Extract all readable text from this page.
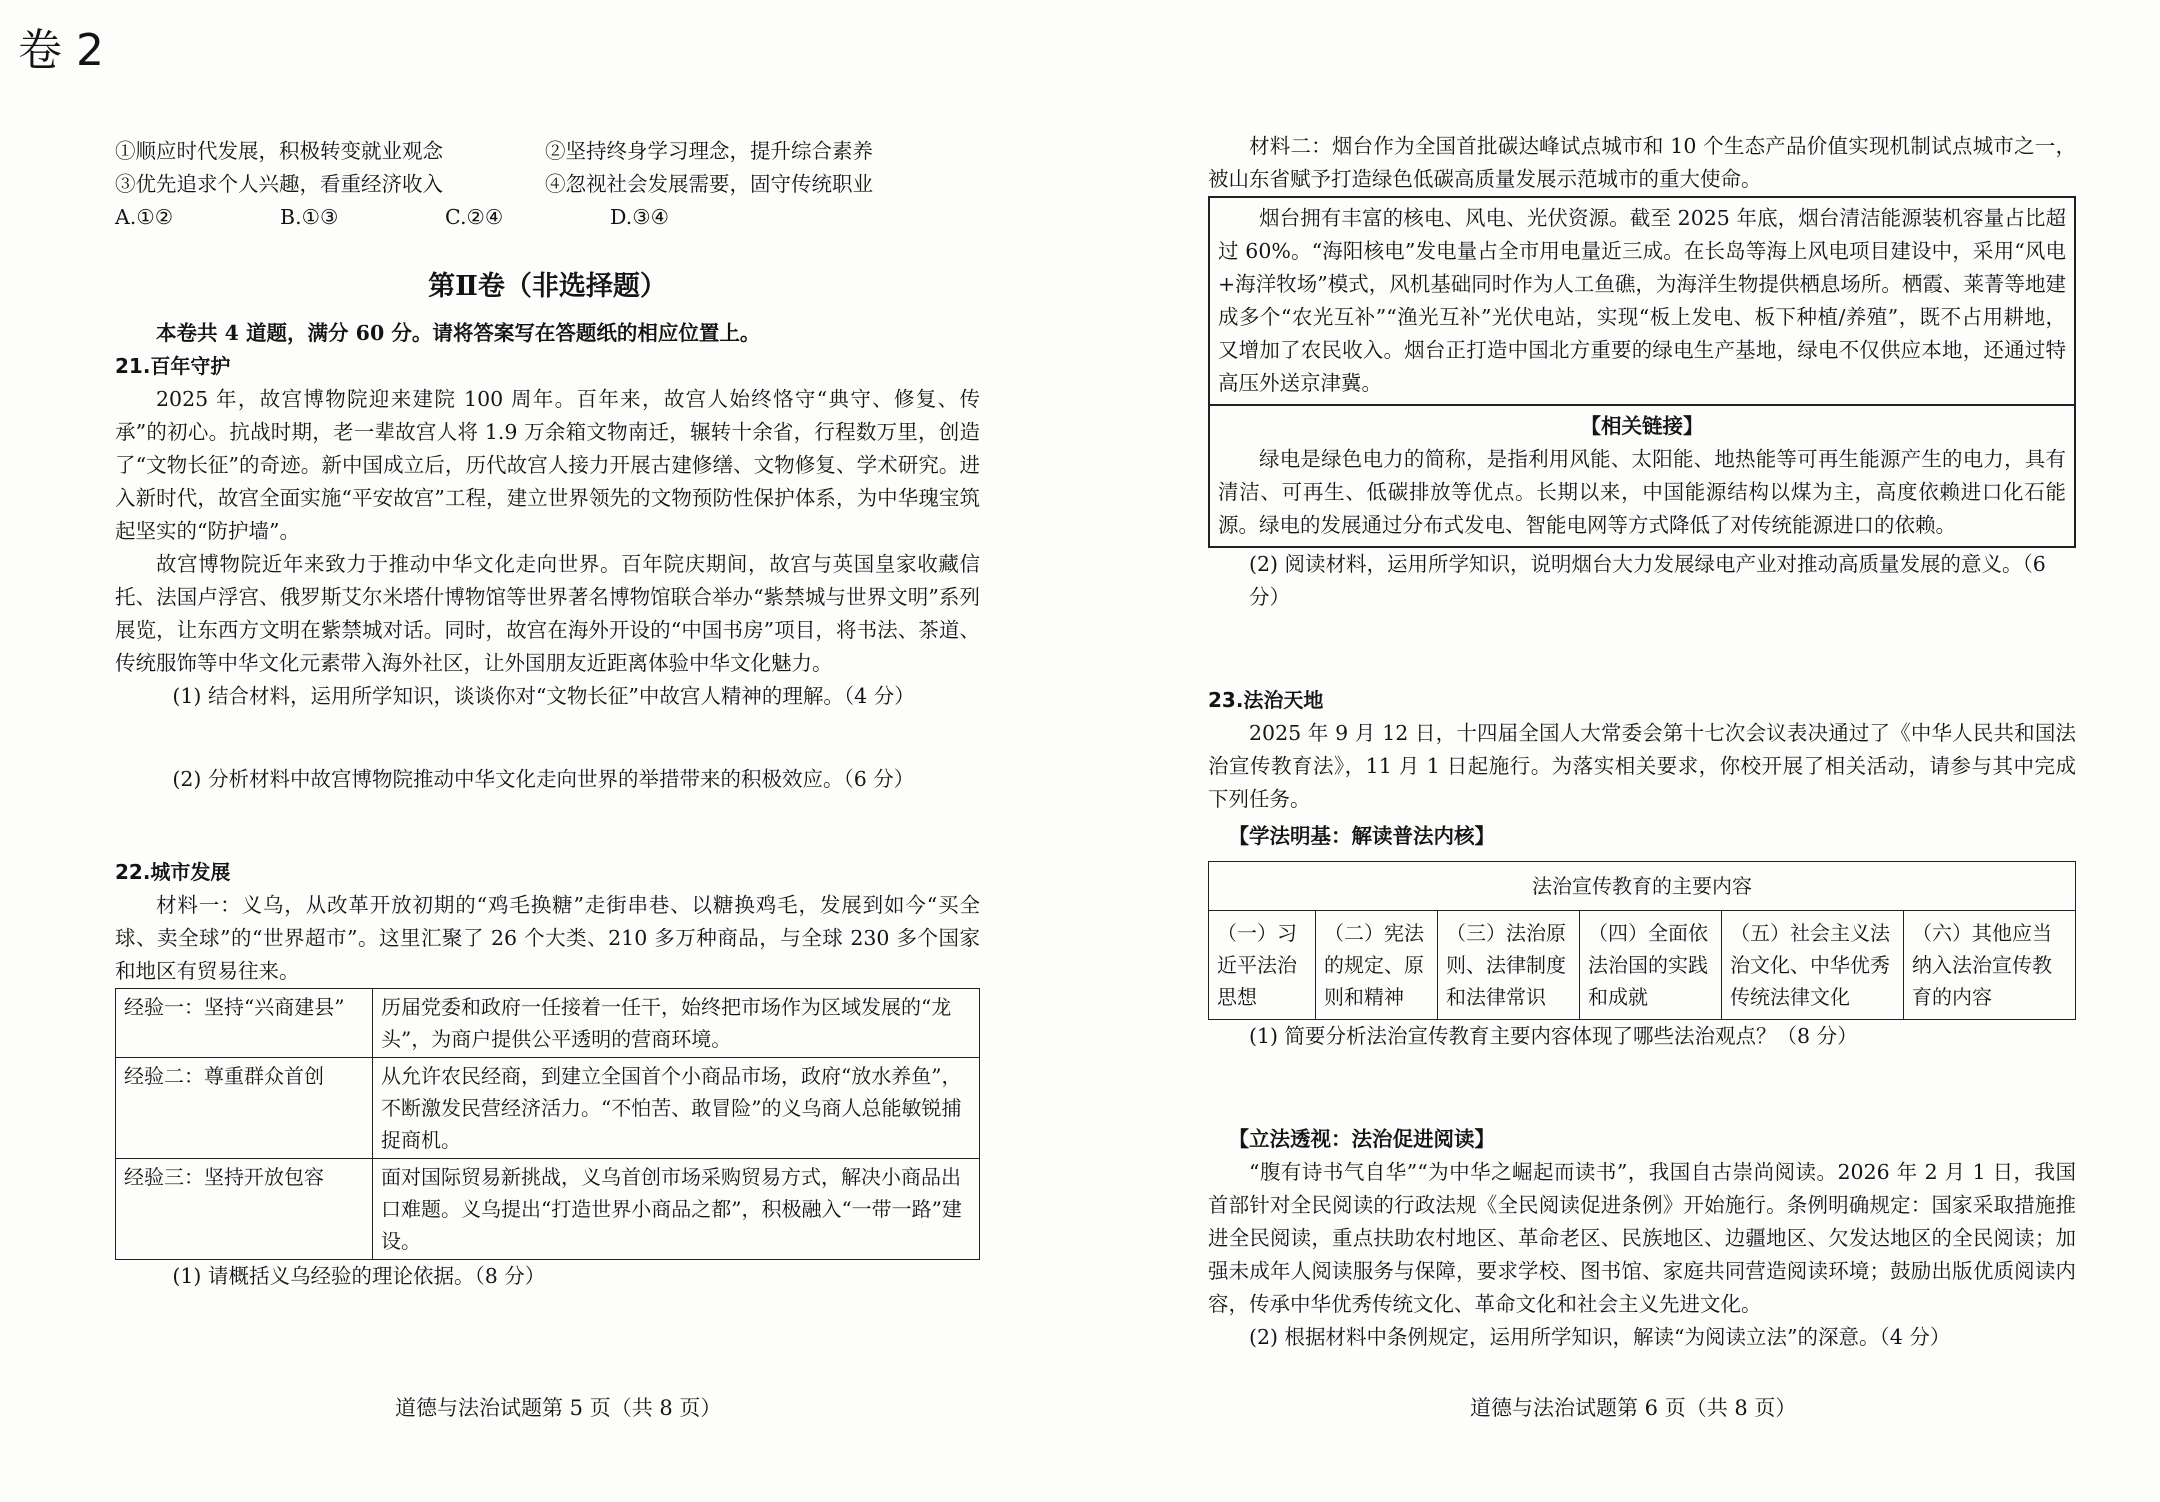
卷 2
①顺应时代发展，积极转变就业观念	②坚持终身学习理念，提升综合素养
③优先追求个人兴趣，看重经济收入	④忽视社会发展需要，固守传统职业
A.①②	B.①③	C.②④	D.③④
第Ⅱ卷（非选择题）

本卷共 4 道题，满分 60 分。请将答案写在答题纸的相应位置上。

21.百年守护

2025 年，故宫博物院迎来建院 100 周年。百年来，故宫人始终恪守“典守、修复、传承”的初心。抗战时期，老一辈故宫人将 1.9 万余箱文物南迁，辗转十余省，行程数万里，创造了“文物长征”的奇迹。新中国成立后，历代故宫人接力开展古建修缮、文物修复、学术研究。进入新时代，故宫全面实施“平安故宫”工程，建立世界领先的文物预防性保护体系，为中华瑰宝筑起坚实的“防护墙”。

故宫博物院近年来致力于推动中华文化走向世界。百年院庆期间，故宫与英国皇家收藏信托、法国卢浮宫、俄罗斯艾尔米塔什博物馆等世界著名博物馆联合举办“紫禁城与世界文明”系列展览，让东西方文明在紫禁城对话。同时，故宫在海外开设的“中国书房”项目，将书法、茶道、传统服饰等中华文化元素带入海外社区，让外国朋友近距离体验中华文化魅力。

(1) 结合材料，运用所学知识，谈谈你对“文物长征”中故宫人精神的理解。（4 分）

(2) 分析材料中故宫博物院推动中华文化走向世界的举措带来的积极效应。（6 分）

22.城市发展

材料一：义乌，从改革开放初期的“鸡毛换糖”走街串巷、以糖换鸡毛，发展到如今“买全球、卖全球”的“世界超市”。这里汇聚了 26 个大类、210 多万种商品，与全球 230 多个国家和地区有贸易往来。

经验一：坚持“兴商建县”	历届党委和政府一任接着一任干，始终把市场作为区域发展的“龙头”，为商户提供公平透明的营商环境。
经验二：尊重群众首创	从允许农民经商，到建立全国首个小商品市场，政府“放水养鱼”，不断激发民营经济活力。“不怕苦、敢冒险”的义乌商人总能敏锐捕捉商机。
经验三：坚持开放包容	面对国际贸易新挑战，义乌首创市场采购贸易方式，解决小商品出口难题。义乌提出“打造世界小商品之都”，积极融入“一带一路”建设。

(1) 请概括义乌经验的理论依据。（8 分）

道德与法治试题第 5 页（共 8 页）

材料二：烟台作为全国首批碳达峰试点城市和 10 个生态产品价值实现机制试点城市之一，被山东省赋予打造绿色低碳高质量发展示范城市的重大使命。

烟台拥有丰富的核电、风电、光伏资源。截至 2025 年底，烟台清洁能源装机容量占比超过 60%。“海阳核电”发电量占全市用电量近三成。在长岛等海上风电项目建设中，采用“风电+海洋牧场”模式，风机基础同时作为人工鱼礁，为海洋生物提供栖息场所。栖霞、莱菁等地建成多个“农光互补”“渔光互补”光伏电站，实现“板上发电、板下种植/养殖”，既不占用耕地，又增加了农民收入。烟台正打造中国北方重要的绿电生产基地，绿电不仅供应本地，还通过特高压外送京津冀。

【相关链接】

绿电是绿色电力的简称，是指利用风能、太阳能、地热能等可再生能源产生的电力，具有清洁、可再生、低碳排放等优点。长期以来，中国能源结构以煤为主，高度依赖进口化石能源。绿电的发展通过分布式发电、智能电网等方式降低了对传统能源进口的依赖。

(2) 阅读材料，运用所学知识，说明烟台大力发展绿电产业对推动高质量发展的意义。（6 分）

23.法治天地

2025 年 9 月 12 日，十四届全国人大常委会第十七次会议表决通过了《中华人民共和国法治宣传教育法》，11 月 1 日起施行。为落实相关要求，你校开展了相关活动，请参与其中完成下列任务。

【学法明基：解读普法内核】
法治宣传教育的主要内容
（一）习近平法治思想	（二）宪法的规定、原则和精神	（三）法治原则、法律制度和法律常识	（四）全面依法治国的实践和成就	（五）社会主义法治文化、中华优秀传统法律文化	（六）其他应当纳入法治宣传教育的内容

(1) 简要分析法治宣传教育主要内容体现了哪些法治观点？（8 分）

【立法透视：法治促进阅读】

“腹有诗书气自华”“为中华之崛起而读书”，我国自古崇尚阅读。2026 年 2 月 1 日，我国首部针对全民阅读的行政法规《全民阅读促进条例》开始施行。条例明确规定：国家采取措施推进全民阅读，重点扶助农村地区、革命老区、民族地区、边疆地区、欠发达地区的全民阅读；加强未成年人阅读服务与保障，要求学校、图书馆、家庭共同营造阅读环境；鼓励出版优质阅读内容，传承中华优秀传统文化、革命文化和社会主义先进文化。

(2) 根据材料中条例规定，运用所学知识，解读“为阅读立法”的深意。（4 分）

道德与法治试题第 6 页（共 8 页）
